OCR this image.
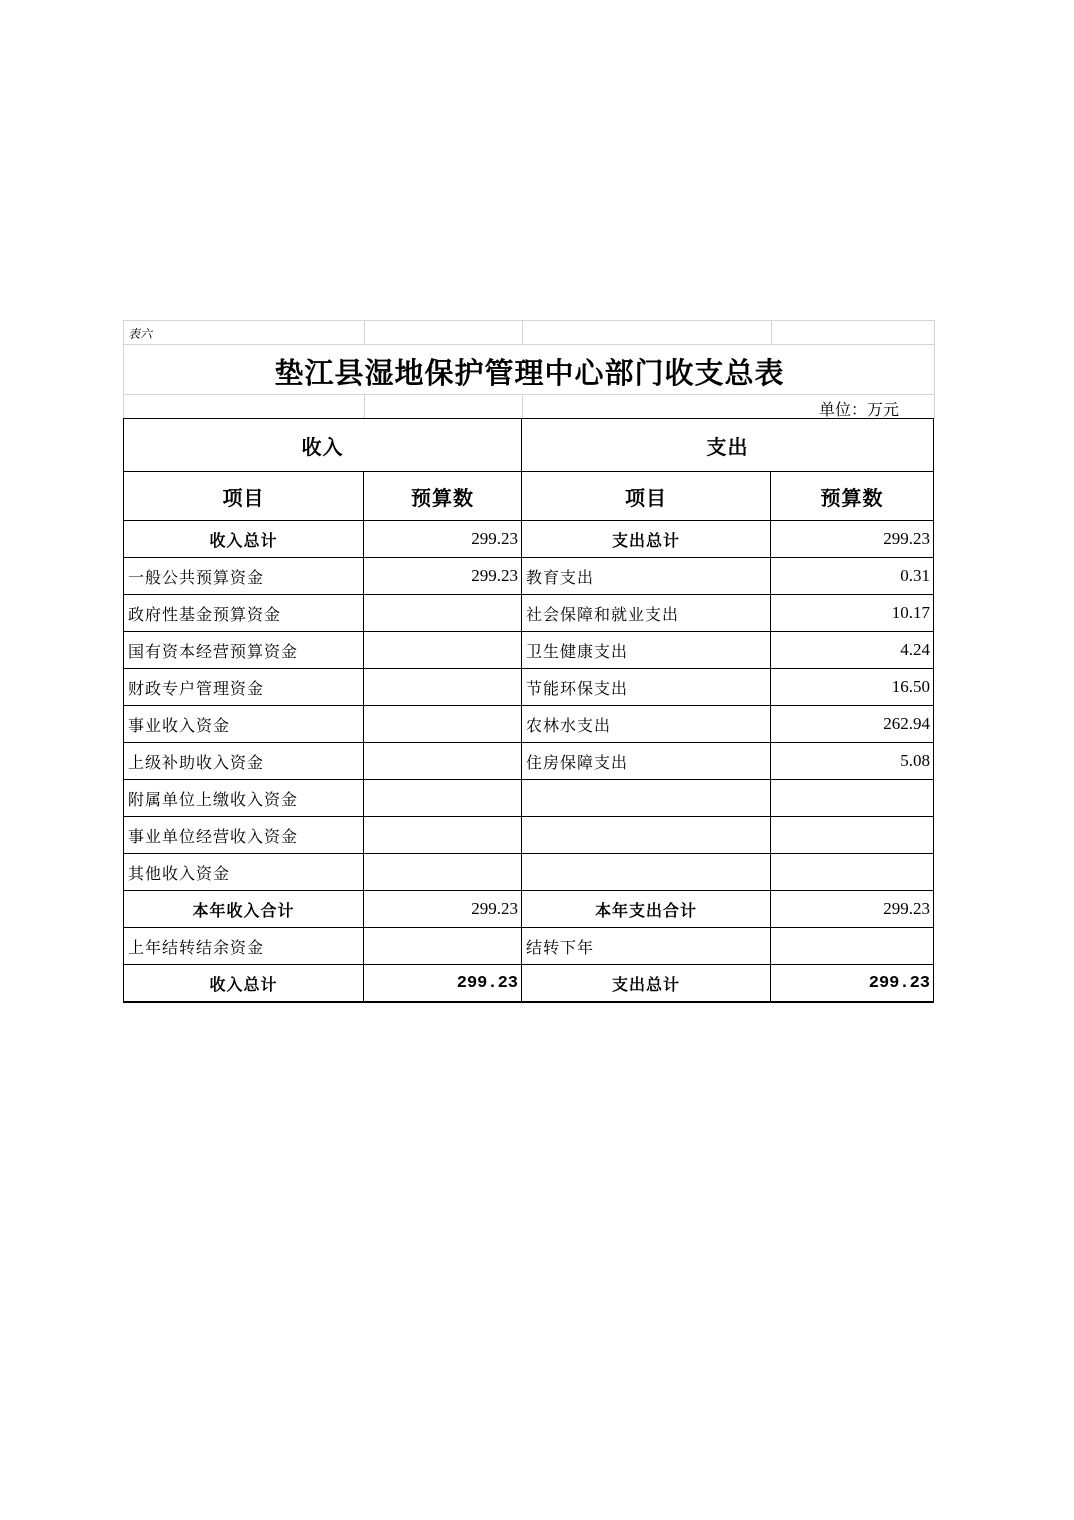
表六
垫江县湿地保护管理中心部门收支总表
单位：万元
收入		支出	
项目	预算数	项目	预算数
收入总计	299.23	支出总计	299.23
一般公共预算资金	299.23	教育支出	0.31
政府性基金预算资金		社会保障和就业支出	10.17
国有资本经营预算资金		卫生健康支出	4.24
财政专户管理资金		节能环保支出	16.50
事业收入资金		农林水支出	262.94
上级补助收入资金		住房保障支出	5.08
附属单位上缴收入资金			
事业单位经营收入资金			
其他收入资金			
本年收入合计	299.23	本年支出合计	299.23
上年结转结余资金		结转下年	
收入总计	299.23	支出总计	299.23
